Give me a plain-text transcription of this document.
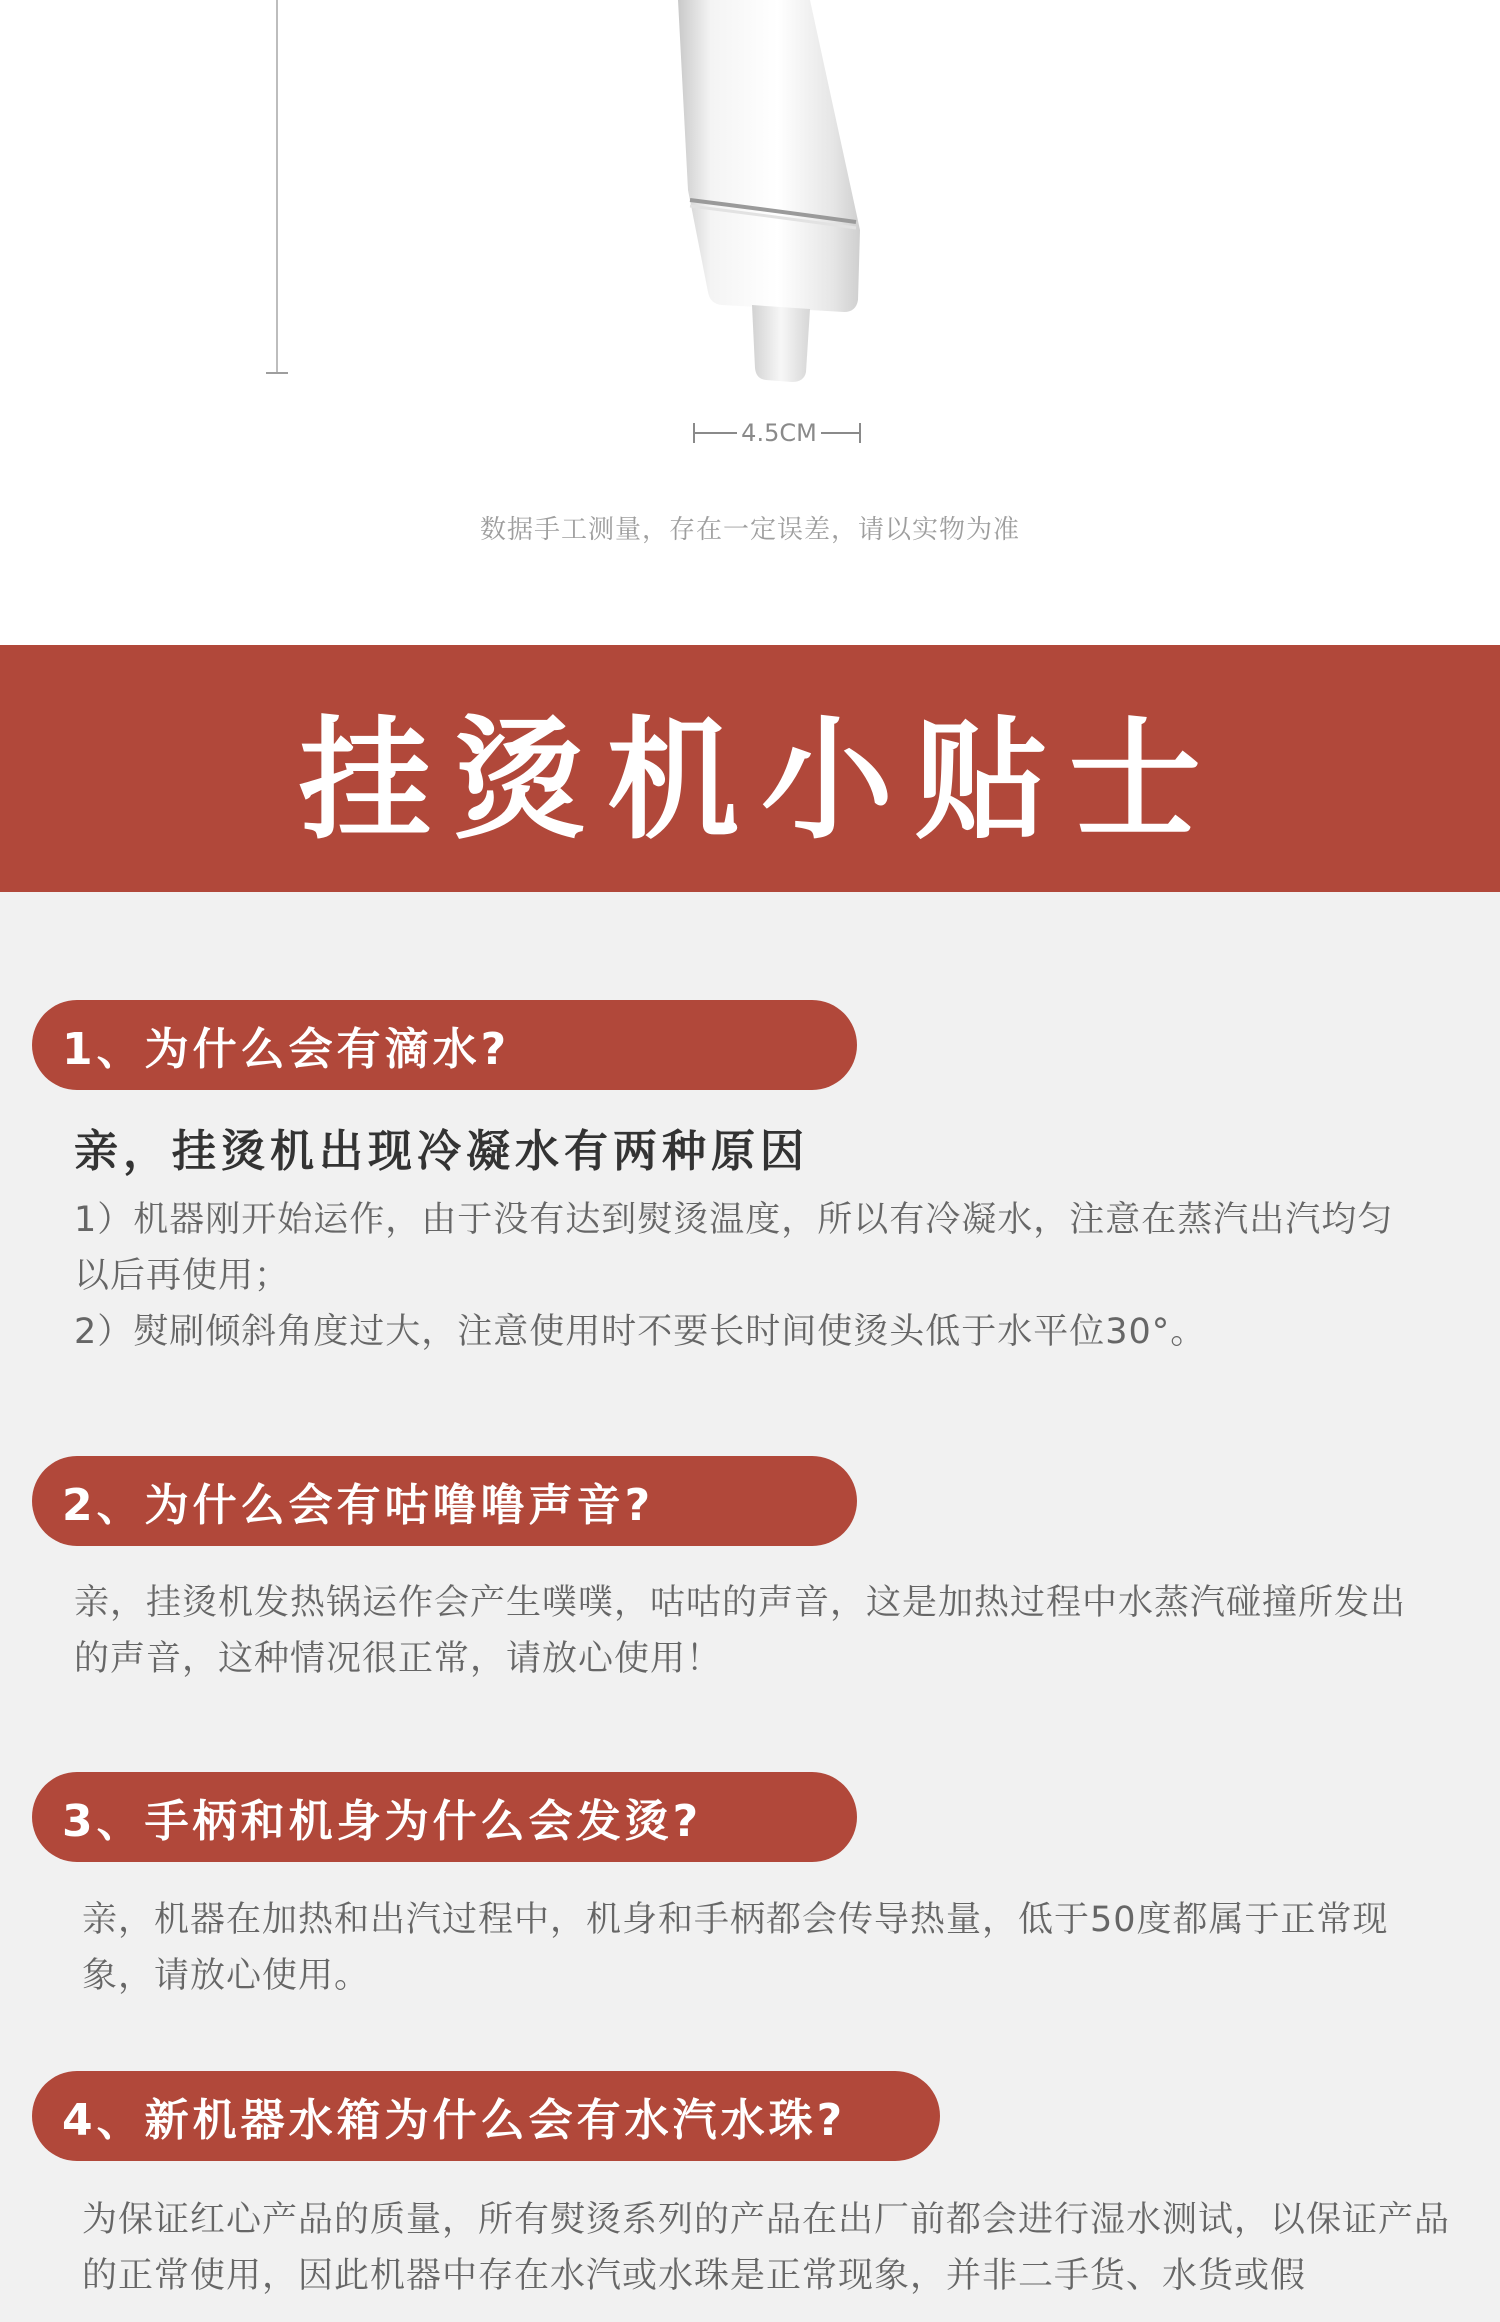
4.5CM
数据手工测量，存在一定误差，请以实物为准
挂烫机小贴士
1、为什么会有滴水?
亲，挂烫机出现冷凝水有两种原因

1）机器刚开始运作，由于没有达到熨烫温度，所以有冷凝水，注意在蒸汽出汽均匀以后再使用；

2）熨刷倾斜角度过大，注意使用时不要长时间使烫头低于水平位30°。

2、为什么会有咕噜噜声音?

亲，挂烫机发热锅运作会产生噗噗，咕咕的声音，这是加热过程中水蒸汽碰撞所发出的声音，这种情况很正常，请放心使用！

3、手柄和机身为什么会发烫?

亲，机器在加热和出汽过程中，机身和手柄都会传导热量，低于50度都属于正常现象，请放心使用。

4、新机器水箱为什么会有水汽水珠?

为保证红心产品的质量，所有熨烫系列的产品在出厂前都会进行湿水测试，以保证产品的正常使用，因此机器中存在水汽或水珠是正常现象，并非二手货、水货或假
